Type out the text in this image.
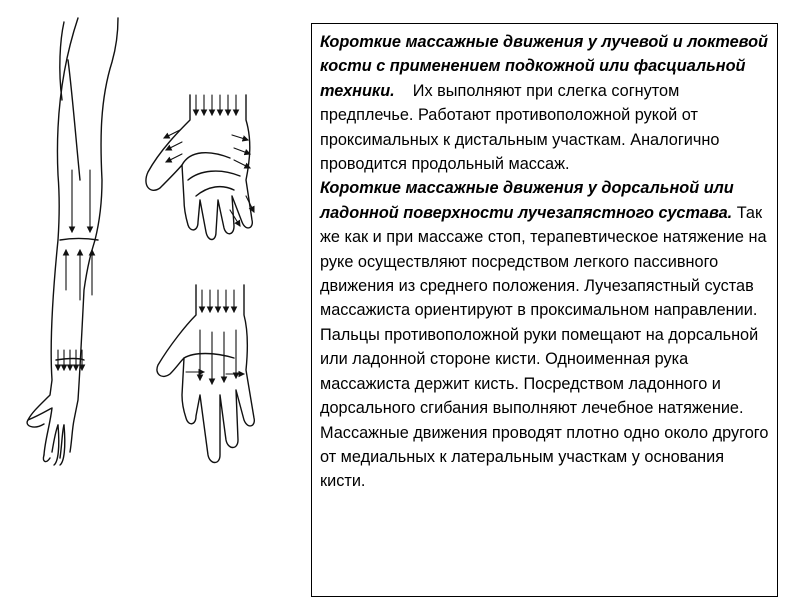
Короткие массажные движения у лучевой и локтевой кости с применением подкожной или фасциальной техники. Их выполняют при слегка согнутом предплечье. Работают противоположной рукой от проксимальных к дистальным участкам. Аналогично проводится продольный массаж.

Короткие массажные движения у дорсальной или ладонной поверхности лучезапястного сустава. Так же как и при массаже стоп, терапевтическое натяжение на руке осуществляют посредством легкого пассивного движения из среднего положения. Лучезапястный сустав массажиста ориентируют в проксимальном направлении. Пальцы противоположной руки помещают на дорсальной или ладонной стороне кисти. Одноименная рука массажиста держит кисть. Посредством ладонного и дорсального сгибания выполняют лечебное натяжение. Массажные движения проводят плотно одно около другого от медиальных к латеральным участкам у основания кисти.
